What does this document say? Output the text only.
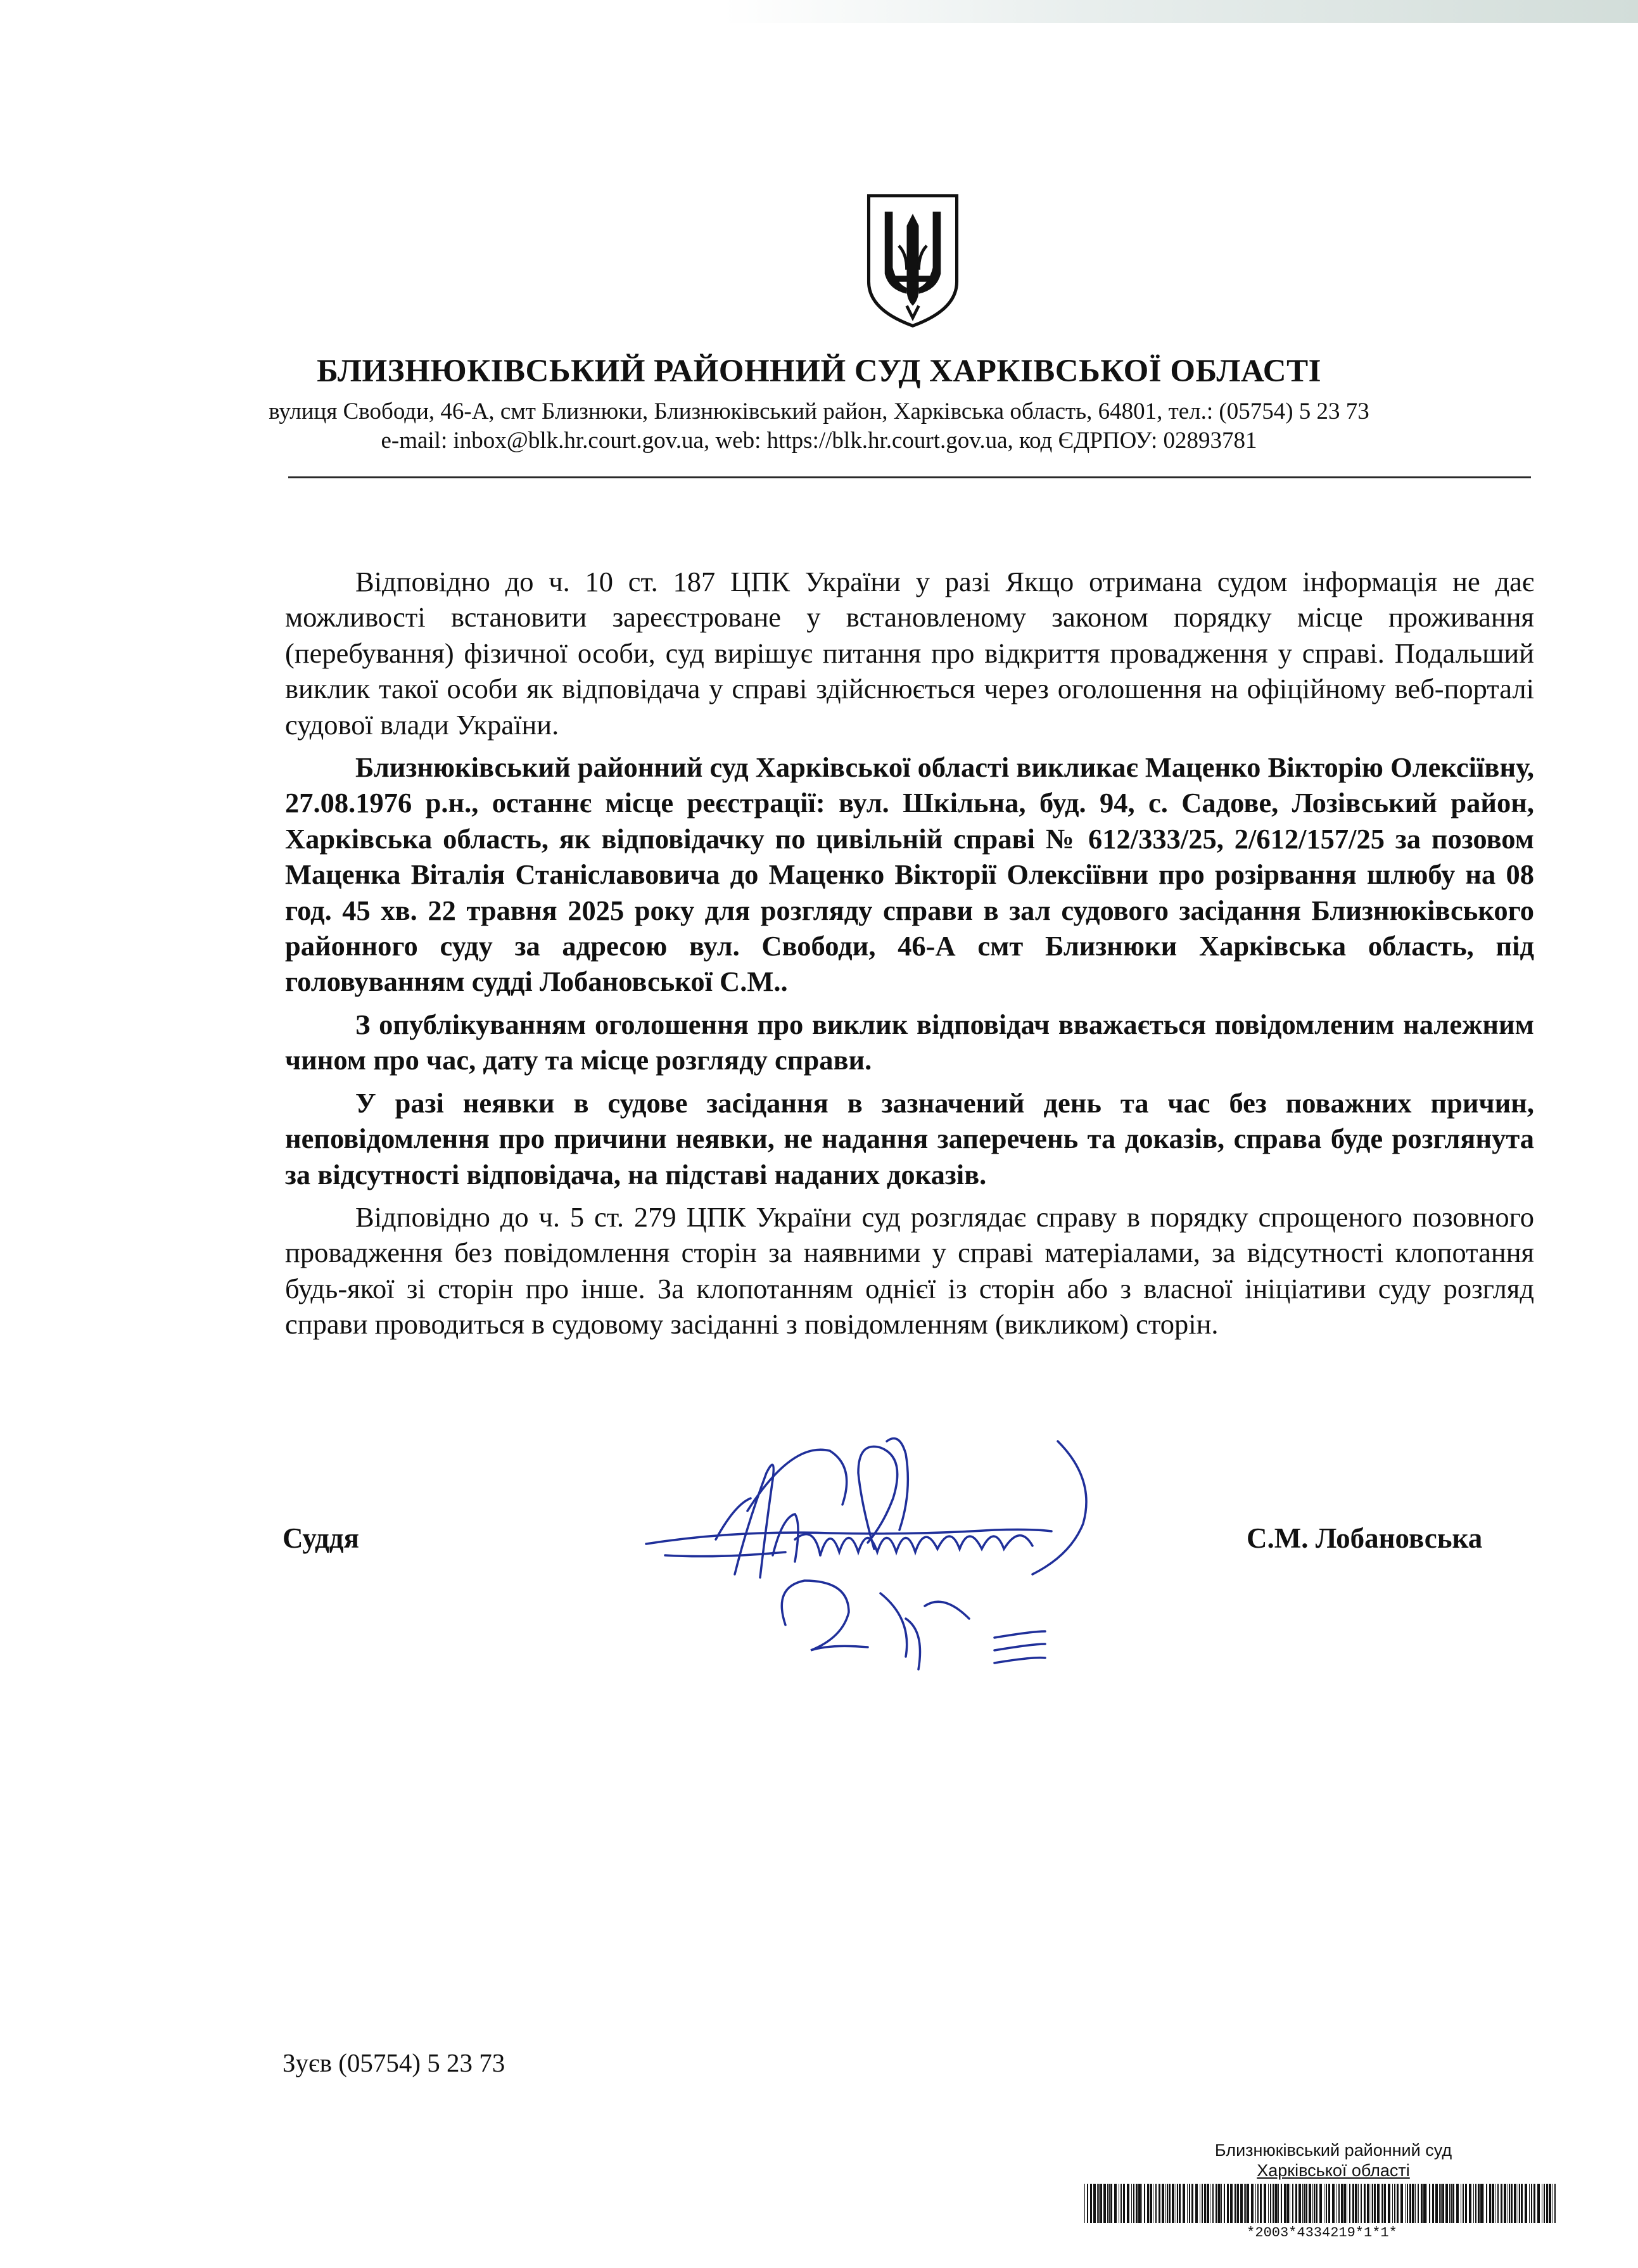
БЛИЗНЮКІВСЬКИЙ РАЙОННИЙ СУД ХАРКІВСЬКОЇ ОБЛАСТІ
вулиця Свободи, 46-А, смт Близнюки, Близнюківський район, Харківська область, 64801, тел.: (05754) 5 23 73
e-mail: inbox@blk.hr.court.gov.ua, web: https://blk.hr.court.gov.ua, код ЄДРПОУ: 02893781

Відповідно до ч. 10 ст. 187 ЦПК України у разі Якщо отримана судом інформація не дає можливості встановити зареєстроване у встановленому законом порядку місце проживання (перебування) фізичної особи, суд вирішує питання про відкриття провадження у справі. Подальший виклик такої особи як відповідача у справі здійснюється через оголошення на офіційному веб-порталі судової влади України.

Близнюківський районний суд Харківської області викликає Маценко Вікторію Олексіївну, 27.08.1976 р.н., останнє місце реєстрації: вул. Шкільна, буд. 94, с. Садове, Лозівський район, Харківська область, як відповідачку по цивільній справі № 612/333/25, 2/612/157/25 за позовом Маценка Віталія Станіславовича до Маценко Вікторії Олексіївни про розірвання шлюбу на 08 год. 45 хв. 22 травня 2025 року для розгляду справи в зал судового засідання Близнюківського районного суду за адресою вул. Свободи, 46-А смт Близнюки Харківська область, під головуванням судді Лобановської С.М..

З опублікуванням оголошення про виклик відповідач вважається повідомленим належним чином про час, дату та місце розгляду справи.

У разі неявки в судове засідання в зазначений день та час без поважних причин, неповідомлення про причини неявки, не надання заперечень та доказів, справа буде розглянута за відсутності відповідача, на підставі наданих доказів.

Відповідно до ч. 5 ст. 279 ЦПК України суд розглядає справу в порядку спрощеного позовного провадження без повідомлення сторін за наявними у справі матеріалами, за відсутності клопотання будь-якої зі сторін про інше. За клопотанням однієї із сторін або з власної ініціативи суду розгляд справи проводиться в судовому засіданні з повідомленням (викликом) сторін.

Суддя	С.М. Лобановська
Зуєв (05754) 5 23 73
Близнюківський районний суд
Харківської області
*2003*4334219*1*1*
